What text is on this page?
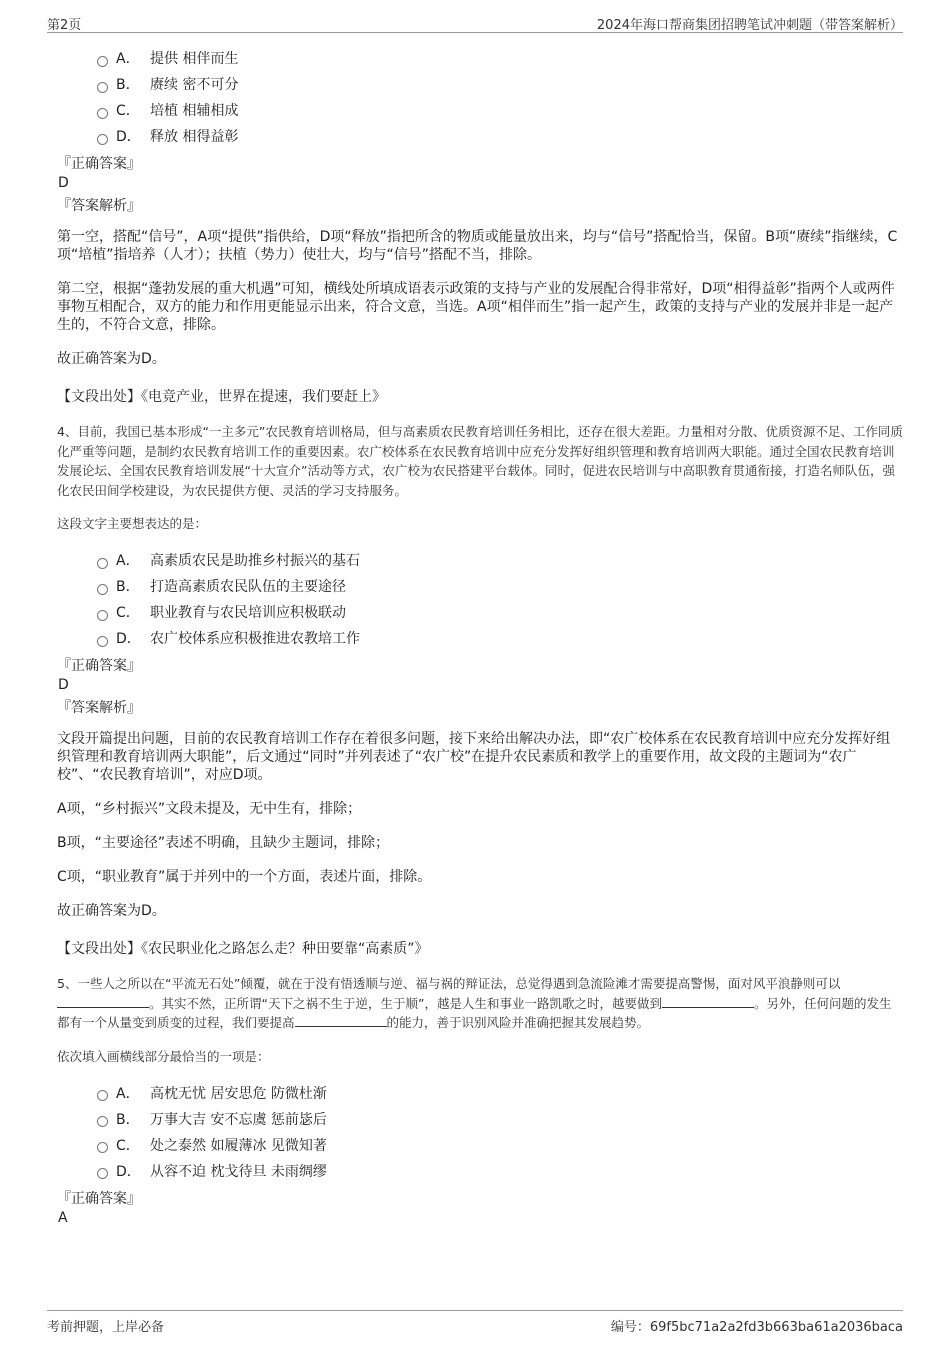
第2页	2024年海口帮商集团招聘笔试冲刺题（带答案解析）
A． 提供 相伴而生
B． 赓续 密不可分
C． 培植 相辅相成
D． 释放 相得益彰
『正确答案』
D
『答案解析』

第一空，搭配“信号”，A项“提供”指供给，D项“释放”指把所含的物质或能量放出来，均与“信号”搭配恰当，保留。B项“赓续”指继续，C项“培植”指培养（人才）；扶植（势力）使壮大，均与“信号”搭配不当，排除。

第二空，根据“蓬勃发展的重大机遇”可知，横线处所填成语表示政策的支持与产业的发展配合得非常好，D项“相得益彰”指两个人或两件事物互相配合，双方的能力和作用更能显示出来，符合文意，当选。A项“相伴而生”指一起产生，政策的支持与产业的发展并非是一起产生的，不符合文意，排除。

故正确答案为D。

【文段出处】《电竞产业，世界在提速，我们要赶上》
4、目前，我国已基本形成“一主多元”农民教育培训格局，但与高素质农民教育培训任务相比，还存在很大差距。力量相对分散、优质资源不足、工作同质化严重等问题，是制约农民教育培训工作的重要因素。农广校体系在农民教育培训中应充分发挥好组织管理和教育培训两大职能。通过全国农民教育培训发展论坛、全国农民教育培训发展“十大宣介”活动等方式，农广校为农民搭建平台载体。同时，促进农民培训与中高职教育贯通衔接，打造名师队伍，强化农民田间学校建设，为农民提供方便、灵活的学习支持服务。
这段文字主要想表达的是：
A． 高素质农民是助推乡村振兴的基石
B． 打造高素质农民队伍的主要途径
C． 职业教育与农民培训应积极联动
D． 农广校体系应积极推进农教培工作
『正确答案』
D
『答案解析』

文段开篇提出问题，目前的农民教育培训工作存在着很多问题，接下来给出解决办法，即“农广校体系在农民教育培训中应充分发挥好组织管理和教育培训两大职能”，后文通过“同时”并列表述了“农广校”在提升农民素质和教学上的重要作用，故文段的主题词为“农广校”、“农民教育培训”，对应D项。

A项，“乡村振兴”文段未提及，无中生有，排除；

B项，“主要途径”表述不明确，且缺少主题词，排除；

C项，“职业教育”属于并列中的一个方面，表述片面，排除。

故正确答案为D。

【文段出处】《农民职业化之路怎么走？种田要靠“高素质”》
5、一些人之所以在“平流无石处”倾覆，就在于没有悟透顺与逆、福与祸的辩证法，总觉得遇到急流险滩才需要提高警惕，面对风平浪静则可以。其实不然，正所谓“天下之祸不生于逆，生于顺”，越是人生和事业一路凯歌之时，越要做到	。另外，任何问题的发生都有一个从量变到质变的过程，我们要提高	的能力，善于识别风险并准确把握其发展趋势。
依次填入画横线部分最恰当的一项是：
A． 高枕无忧 居安思危 防微杜渐
B． 万事大吉 安不忘虞 惩前毖后
C． 处之泰然 如履薄冰 见微知著
D． 从容不迫 枕戈待旦 未雨绸缪
『正确答案』
A
考前押题，上岸必备	编号：69f5bc71a2a2fd3b663ba61a2036baca
